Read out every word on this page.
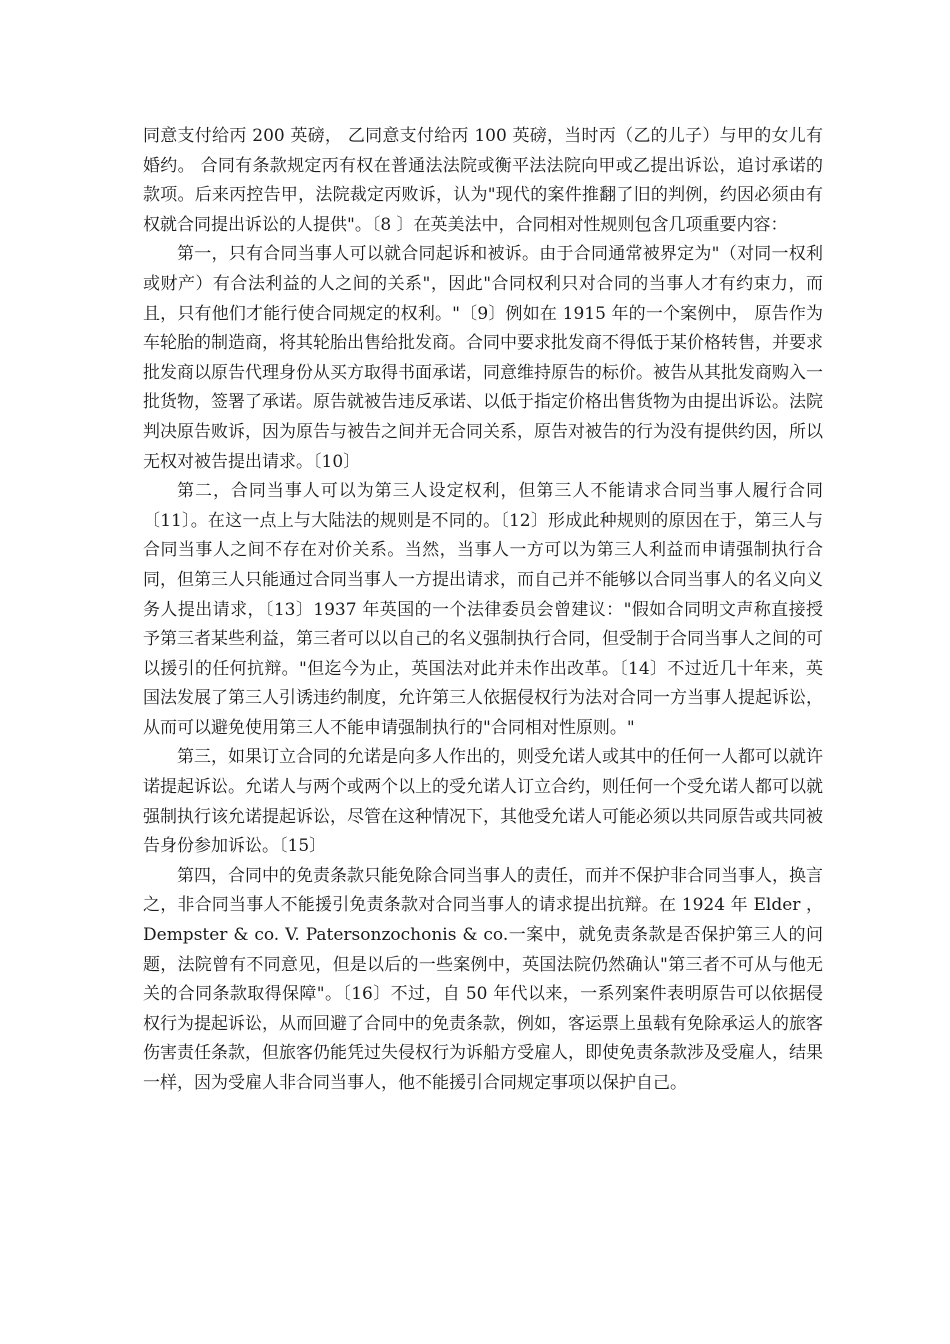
同意支付给丙 200 英磅， 乙同意支付给丙 100 英磅，当时丙（乙的儿子）与甲的女儿有婚约。 合同有条款规定丙有权在普通法法院或衡平法法院向甲或乙提出诉讼，追讨承诺的款项。后来丙控告甲，法院裁定丙败诉，认为"现代的案件推翻了旧的判例，约因必须由有权就合同提出诉讼的人提供"。〔8 〕在英美法中，合同相对性规则包含几项重要内容：

第一，只有合同当事人可以就合同起诉和被诉。由于合同通常被界定为"（对同一权利或财产）有合法利益的人之间的关系"，因此"合同权利只对合同的当事人才有约束力，而且，只有他们才能行使合同规定的权利。"〔9〕例如在 1915 年的一个案例中， 原告作为车轮胎的制造商，将其轮胎出售给批发商。合同中要求批发商不得低于某价格转售，并要求批发商以原告代理身份从买方取得书面承诺，同意维持原告的标价。被告从其批发商购入一批货物，签署了承诺。原告就被告违反承诺、以低于指定价格出售货物为由提出诉讼。法院判决原告败诉，因为原告与被告之间并无合同关系，原告对被告的行为没有提供约因，所以无权对被告提出请求。〔10〕

第二，合同当事人可以为第三人设定权利，但第三人不能请求合同当事人履行合同〔11〕。在这一点上与大陆法的规则是不同的。〔12〕形成此种规则的原因在于，第三人与合同当事人之间不存在对价关系。当然，当事人一方可以为第三人利益而申请强制执行合同，但第三人只能通过合同当事人一方提出请求，而自己并不能够以合同当事人的名义向义务人提出请求，〔13〕1937 年英国的一个法律委员会曾建议："假如合同明文声称直接授予第三者某些利益，第三者可以以自己的名义强制执行合同，但受制于合同当事人之间的可以援引的任何抗辩。"但迄今为止，英国法对此并未作出改革。〔14〕不过近几十年来，英国法发展了第三人引诱违约制度，允许第三人依据侵权行为法对合同一方当事人提起诉讼，从而可以避免使用第三人不能申请强制执行的"合同相对性原则。"

第三，如果订立合同的允诺是向多人作出的，则受允诺人或其中的任何一人都可以就许诺提起诉讼。允诺人与两个或两个以上的受允诺人订立合约，则任何一个受允诺人都可以就强制执行该允诺提起诉讼，尽管在这种情况下，其他受允诺人可能必须以共同原告或共同被告身份参加诉讼。〔15〕

第四，合同中的免责条款只能免除合同当事人的责任，而并不保护非合同当事人，换言之，非合同当事人不能援引免责条款对合同当事人的请求提出抗辩。在 1924 年 Elder ， Dempster & co. V. Patersonzochonis & co.一案中，就免责条款是否保护第三人的问题，法院曾有不同意见，但是以后的一些案例中，英国法院仍然确认"第三者不可从与他无关的合同条款取得保障"。〔16〕不过，自 50 年代以来，一系列案件表明原告可以依据侵权行为提起诉讼，从而回避了合同中的免责条款，例如，客运票上虽载有免除承运人的旅客伤害责任条款，但旅客仍能凭过失侵权行为诉船方受雇人，即使免责条款涉及受雇人，结果一样，因为受雇人非合同当事人，他不能援引合同规定事项以保护自己。
